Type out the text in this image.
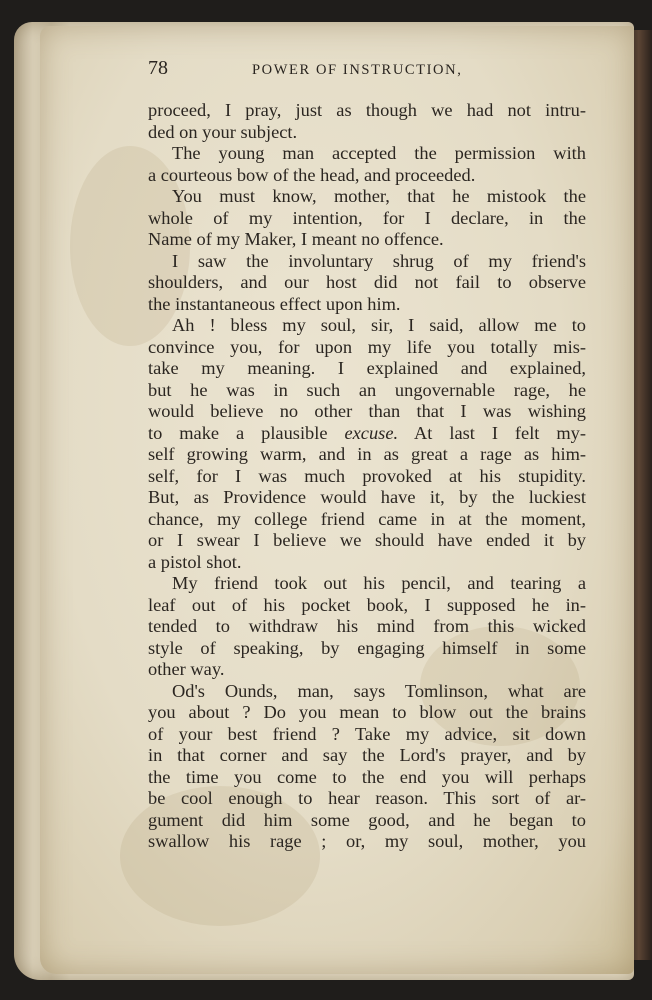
78	POWER OF INSTRUCTION,
proceed, I pray, just as though we had not intru-
ded on your subject.
The young man accepted the permission with
a courteous bow of the head, and proceeded.
You must know, mother, that he mistook the
whole of my intention, for I declare, in the
Name of my Maker, I meant no offence.
I saw the involuntary shrug of my friend's
shoulders, and our host did not fail to observe
the instantaneous effect upon him.
Ah ! bless my soul, sir, I said, allow me to
convince you, for upon my life you totally mis-
take my meaning. I explained and explained,
but he was in such an ungovernable rage, he
would believe no other than that I was wishing
to make a plausible excuse. At last I felt my-
self growing warm, and in as great a rage as him-
self, for I was much provoked at his stupidity.
But, as Providence would have it, by the luckiest
chance, my college friend came in at the moment,
or I swear I believe we should have ended it by
a pistol shot.
My friend took out his pencil, and tearing a
leaf out of his pocket book, I supposed he in-
tended to withdraw his mind from this wicked
style of speaking, by engaging himself in some
other way.
Od's Ounds, man, says Tomlinson, what are
you about ? Do you mean to blow out the brains
of your best friend ? Take my advice, sit down
in that corner and say the Lord's prayer, and by
the time you come to the end you will perhaps
be cool enough to hear reason. This sort of ar-
gument did him some good, and he began to
swallow his rage ; or, my soul, mother, you
